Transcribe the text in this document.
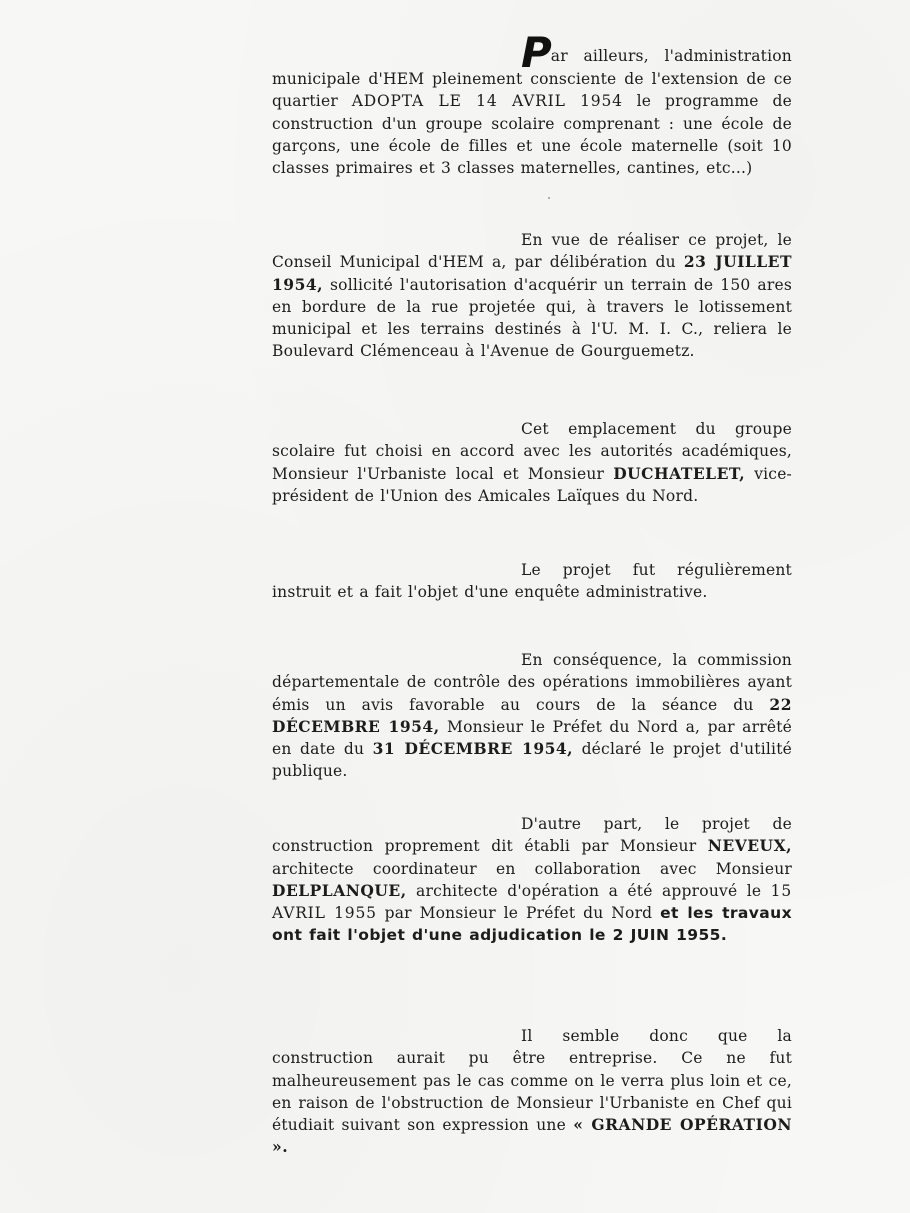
Par ailleurs, l'administration municipale d'HEM pleinement consciente de l'extension de ce quartier ADOPTA LE 14 AVRIL 1954 le programme de construction d'un groupe scolaire comprenant : une école de garçons, une école de filles et une école maternelle (soit 10 classes primaires et 3 classes maternelles, cantines, etc...)

En vue de réaliser ce projet, le Conseil Municipal d'HEM a, par délibération du 23 JUILLET 1954, sollicité l'autorisation d'acquérir un terrain de 150 ares en bordure de la rue projetée qui, à travers le lotissement municipal et les terrains destinés à l'U. M. I. C., reliera le Boulevard Clémenceau à l'Avenue de Gourguemetz.

Cet emplacement du groupe scolaire fut choisi en accord avec les autorités académiques, Monsieur l'Urbaniste local et Monsieur DUCHATELET, vice-président de l'Union des Amicales Laïques du Nord.

Le projet fut régulièrement instruit et a fait l'objet d'une enquête administrative.

En conséquence, la commission départementale de contrôle des opérations immobilières ayant émis un avis favorable au cours de la séance du 22 DÉCEMBRE 1954, Monsieur le Préfet du Nord a, par arrêté en date du 31 DÉCEMBRE 1954, déclaré le projet d'utilité publique.

D'autre part, le projet de construction proprement dit établi par Monsieur NEVEUX, architecte coordinateur en collaboration avec Monsieur DELPLANQUE, architecte d'opération a été approuvé le 15 AVRIL 1955 par Monsieur le Préfet du Nord et les travaux ont fait l'objet d'une adjudication le 2 JUIN 1955.

Il semble donc que la construction aurait pu être entreprise. Ce ne fut malheureusement pas le cas comme on le verra plus loin et ce, en raison de l'obstruction de Monsieur l'Urbaniste en Chef qui étudiait suivant son expression une « GRANDE OPÉRATION ».
